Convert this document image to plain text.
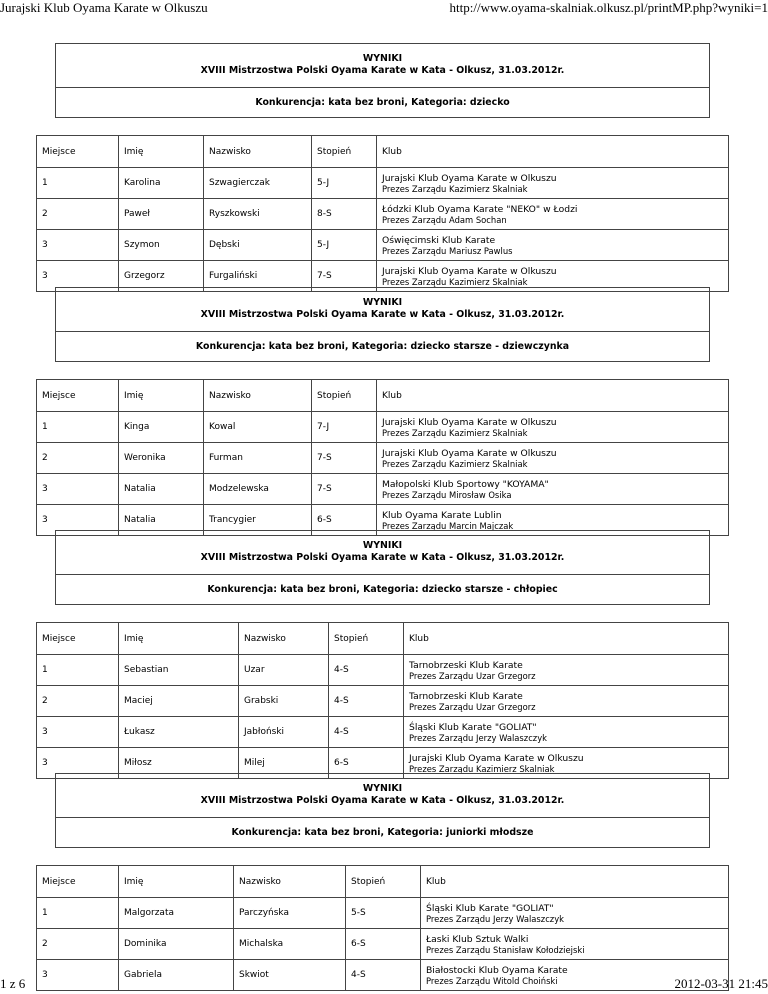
Jurajski Klub Oyama Karate w Olkuszu	http://www.oyama-skalniak.olkusz.pl/printMP.php?wyniki=1
WYNIKI
XVIII Mistrzostwa Polski Oyama Karate w Kata - Olkusz, 31.03.2012r.
Konkurencja: kata bez broni, Kategoria: dziecko
Miejsce	Imię	Nazwisko	Stopień	Klub
1	Karolina	Szwagierczak	5-J	Jurajski Klub Oyama Karate w Olkuszu
Prezes Zarządu Kazimierz Skalniak

2	Paweł	Ryszkowski	8-S	Łódzki Klub Oyama Karate "NEKO" w Łodzi
Prezes Zarządu Adam Sochan

3	Szymon	Dębski	5-J	Oświęcimski Klub Karate
Prezes Zarządu Mariusz Pawlus

3	Grzegorz	Furgaliński	7-S	Jurajski Klub Oyama Karate w Olkuszu
Prezes Zarządu Kazimierz Skalniak
WYNIKI
XVIII Mistrzostwa Polski Oyama Karate w Kata - Olkusz, 31.03.2012r.
Konkurencja: kata bez broni, Kategoria: dziecko starsze - dziewczynka
Miejsce	Imię	Nazwisko	Stopień	Klub
1	Kinga	Kowal	7-J	Jurajski Klub Oyama Karate w Olkuszu
Prezes Zarządu Kazimierz Skalniak

2	Weronika	Furman	7-S	Jurajski Klub Oyama Karate w Olkuszu
Prezes Zarządu Kazimierz Skalniak

3	Natalia	Modzelewska	7-S	Małopolski Klub Sportowy "KOYAMA"
Prezes Zarządu Mirosław Osika

3	Natalia	Trancygier	6-S	Klub Oyama Karate Lublin
Prezes Zarządu Marcin Majczak
WYNIKI
XVIII Mistrzostwa Polski Oyama Karate w Kata - Olkusz, 31.03.2012r.
Konkurencja: kata bez broni, Kategoria: dziecko starsze - chłopiec
Miejsce	Imię	Nazwisko	Stopień	Klub
1	Sebastian	Uzar	4-S	Tarnobrzeski Klub Karate
Prezes Zarządu Uzar Grzegorz

2	Maciej	Grabski	4-S	Tarnobrzeski Klub Karate
Prezes Zarządu Uzar Grzegorz

3	Łukasz	Jabłoński	4-S	Śląski Klub Karate "GOLIAT"
Prezes Zarządu Jerzy Walaszczyk

3	Miłosz	Milej	6-S	Jurajski Klub Oyama Karate w Olkuszu
Prezes Zarządu Kazimierz Skalniak
WYNIKI
XVIII Mistrzostwa Polski Oyama Karate w Kata - Olkusz, 31.03.2012r.
Konkurencja: kata bez broni, Kategoria: juniorki młodsze
Miejsce	Imię	Nazwisko	Stopień	Klub
1	Malgorzata	Parczyńska	5-S	Śląski Klub Karate "GOLIAT"
Prezes Zarządu Jerzy Walaszczyk

2	Dominika	Michalska	6-S	Łaski Klub Sztuk Walki
Prezes Zarządu Stanisław Kołodziejski

3	Gabriela	Skwiot	4-S	Białostocki Klub Oyama Karate
Prezes Zarządu Witold Choiński
1 z 6	2012-03-31 21:45
